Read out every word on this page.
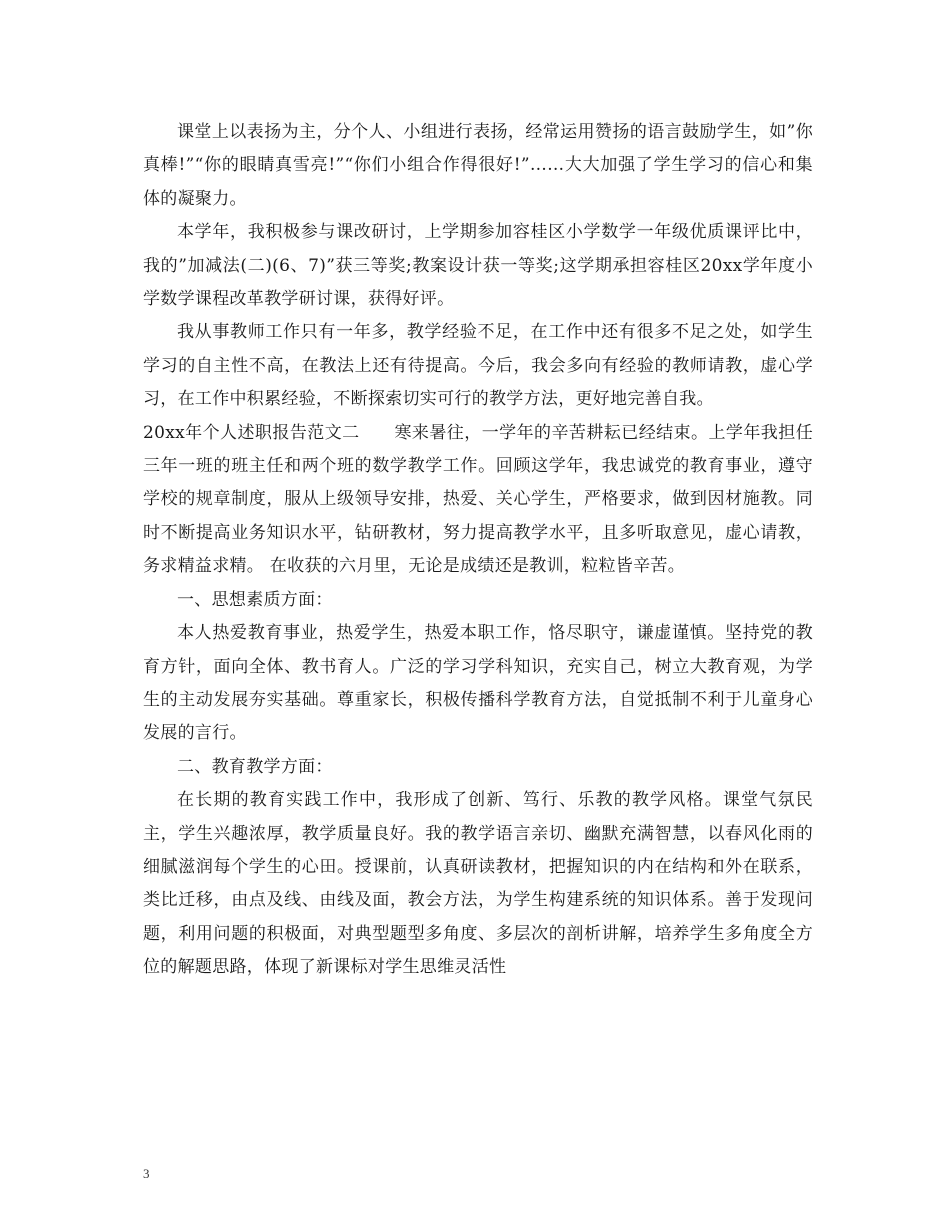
课堂上以表扬为主，分个人、小组进行表扬，经常运用赞扬的语言鼓励学生，如”你真棒!”“你的眼睛真雪亮!”“你们小组合作得很好!”……大大加强了学生学习的信心和集体的凝聚力。

本学年，我积极参与课改研讨，上学期参加容桂区小学数学一年级优质课评比中，我的”加减法(二)(6、7)”获三等奖;教案设计获一等奖;这学期承担容桂区20xx学年度小学数学课程改革教学研讨课，获得好评。

我从事教师工作只有一年多，教学经验不足，在工作中还有很多不足之处，如学生学习的自主性不高，在教法上还有待提高。今后，我会多向有经验的教师请教，虚心学习，在工作中积累经验，不断探索切实可行的教学方法，更好地完善自我。

20xx年个人述职报告范文二　　寒来暑往，一学年的辛苦耕耘已经结束。上学年我担任三年一班的班主任和两个班的数学教学工作。回顾这学年，我忠诚党的教育事业，遵守学校的规章制度，服从上级领导安排，热爱、关心学生，严格要求，做到因材施教。同时不断提高业务知识水平，钻研教材，努力提高教学水平，且多听取意见，虚心请教，务求精益求精。 在收获的六月里，无论是成绩还是教训，粒粒皆辛苦。

一、思想素质方面：

本人热爱教育事业，热爱学生，热爱本职工作，恪尽职守，谦虚谨慎。坚持党的教育方针，面向全体、教书育人。广泛的学习学科知识，充实自己，树立大教育观，为学生的主动发展夯实基础。尊重家长，积极传播科学教育方法，自觉抵制不利于儿童身心发展的言行。

二、教育教学方面：

在长期的教育实践工作中，我形成了创新、笃行、乐教的教学风格。课堂气氛民主，学生兴趣浓厚，教学质量良好。我的教学语言亲切、幽默充满智慧，以春风化雨的细腻滋润每个学生的心田。授课前，认真研读教材，把握知识的内在结构和外在联系，类比迁移，由点及线、由线及面，教会方法，为学生构建系统的知识体系。善于发现问题，利用问题的积极面，对典型题型多角度、多层次的剖析讲解，培养学生多角度全方位的解题思路，体现了新课标对学生思维灵活性

3
